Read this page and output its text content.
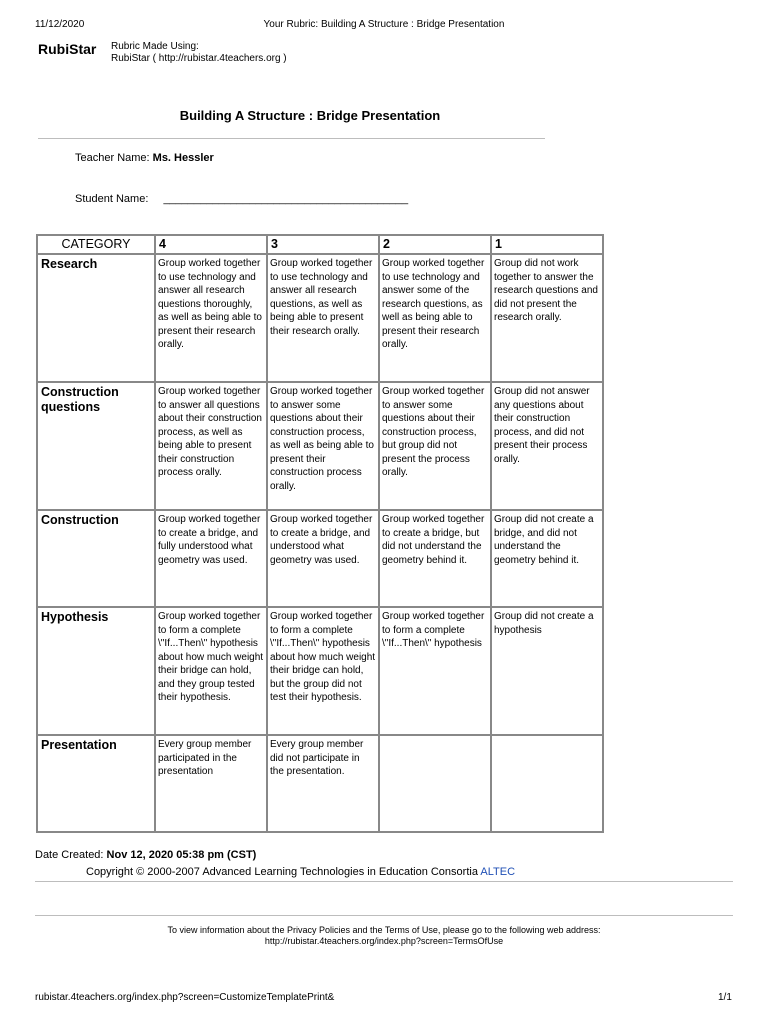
11/12/2020	Your Rubric: Building A Structure : Bridge Presentation
RubiStar Rubric Made Using:
RubiStar ( http://rubistar.4teachers.org )
Building A Structure : Bridge Presentation
Teacher Name: Ms. Hessler
Student Name: ________________________________________
CATEGORY	4	3	2	1
Research	Group worked together to use technology and answer all research questions thoroughly, as well as being able to present their research orally.	Group worked together to use technology and answer all research questions, as well as being able to present their research orally.	Group worked together to use technology and answer some of the research questions, as well as being able to present their research orally.	Group did not work together to answer the research questions and did not present the research orally.
Construction questions	Group worked together to answer all questions about their construction process, as well as being able to present their construction process orally.	Group worked together to answer some questions about their construction process, as well as being able to present their construction process orally.	Group worked together to answer some questions about their construction process, but group did not present the process orally.	Group did not answer any questions about their construction process, and did not present their process orally.
Construction	Group worked together to create a bridge, and fully understood what geometry was used.	Group worked together to create a bridge, and understood what geometry was used.	Group worked together to create a bridge, but did not understand the geometry behind it.	Group did not create a bridge, and did not understand the geometry behind it.
Hypothesis	Group worked together to form a complete \"If...Then\" hypothesis about how much weight their bridge can hold, and they group tested their hypothesis.	Group worked together to form a complete \"If...Then\" hypothesis about how much weight their bridge can hold, but the group did not test their hypothesis.	Group worked together to form a complete \"If...Then\" hypothesis	Group did not create a hypothesis
Presentation	Every group member participated in the presentation	Every group member did not participate in the presentation.		
Date Created: Nov 12, 2020 05:38 pm (CST)
Copyright © 2000-2007 Advanced Learning Technologies in Education Consortia ALTEC
To view information about the Privacy Policies and the Terms of Use, please go to the following web address:
http://rubistar.4teachers.org/index.php?screen=TermsOfUse
rubistar.4teachers.org/index.php?screen=CustomizeTemplatePrint&	1/1
